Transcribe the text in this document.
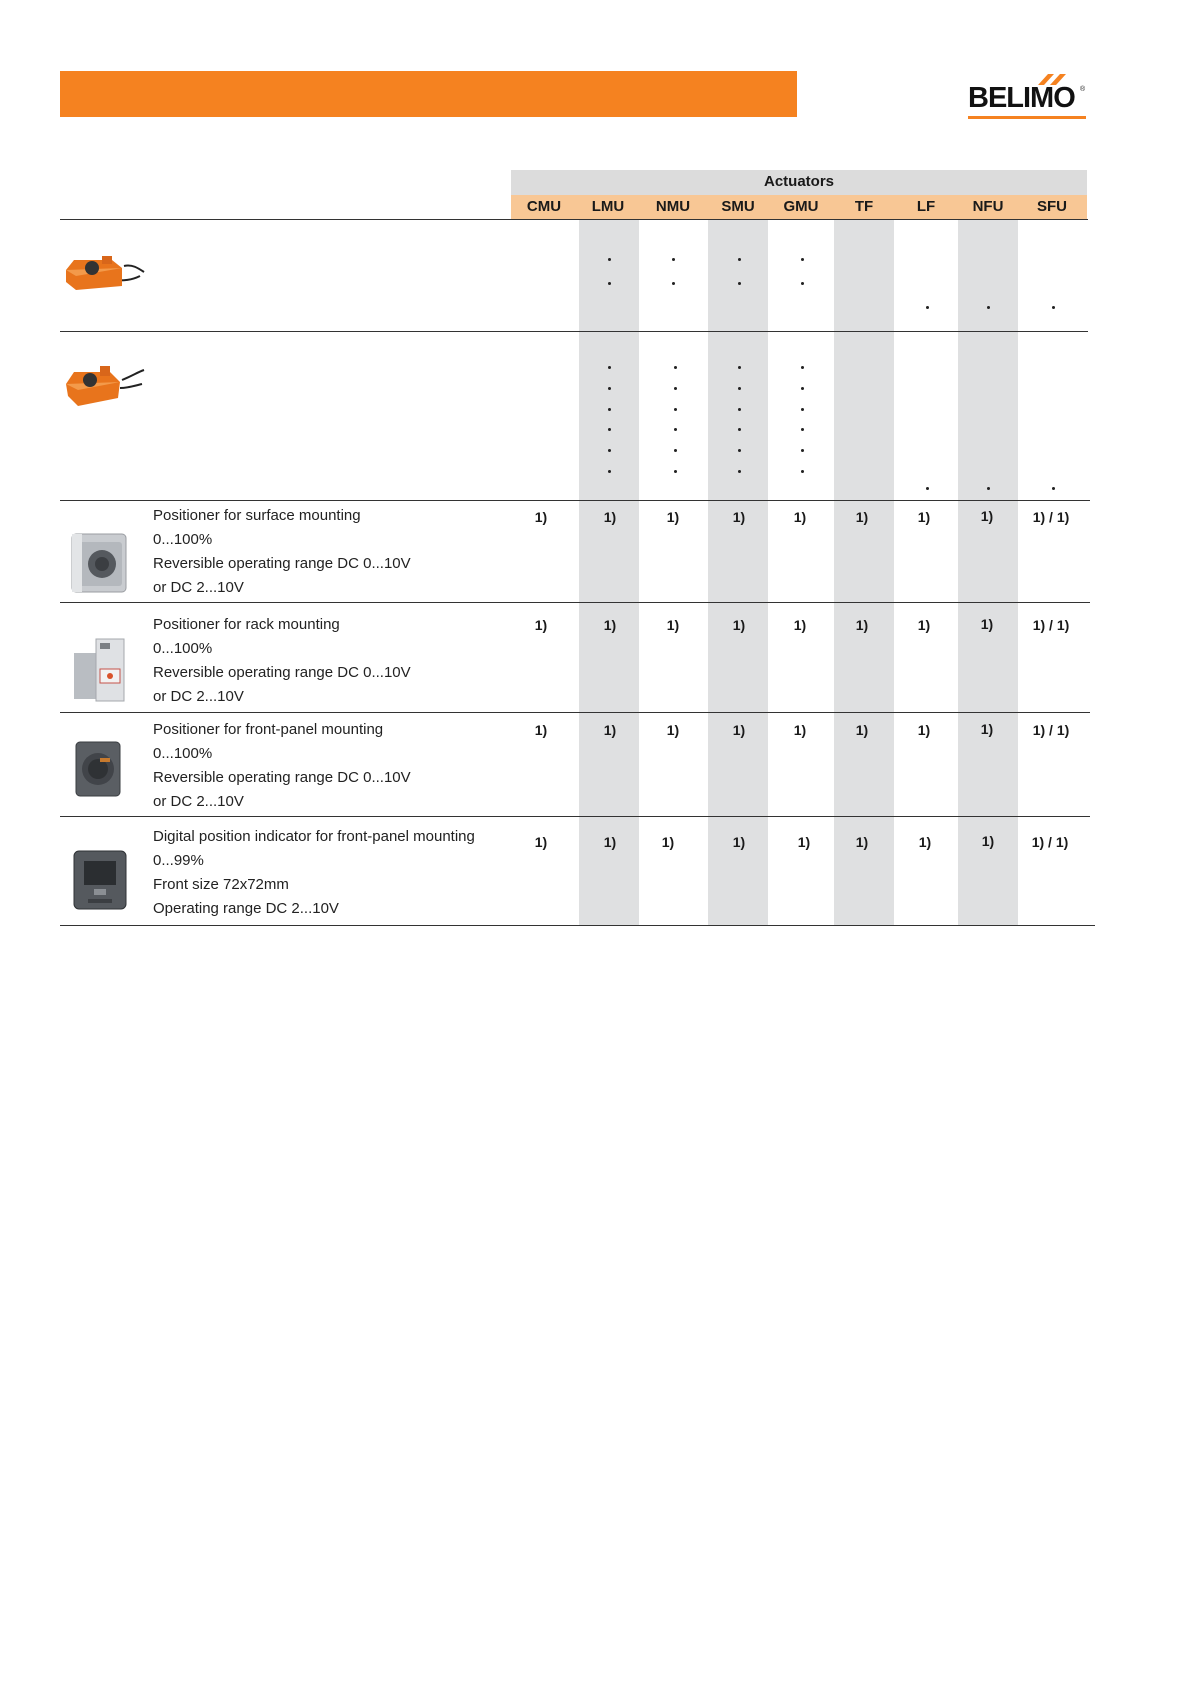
BELIMO ®
Actuators
CMU	LMU	NMU	SMU	GMU	TF	LF	NFU	SFU
Positioner for surface mounting
0...100%
Reversible operating range DC 0...10V
or DC 2...10V
1)	1)	1)	1)	1)	1)	1)	1)	1) / 1)
Positioner for rack mounting
0...100%
Reversible operating range DC 0...10V
or DC 2...10V
1)	1)	1)	1)	1)	1)	1)	1)	1) / 1)
Positioner for front-panel mounting
0...100%
Reversible operating range DC 0...10V
or DC 2...10V
1)	1)	1)	1)	1)	1)	1)	1)	1) / 1)
Digital position indicator for front-panel mounting
0...99%
Front size 72x72mm
Operating range DC 2...10V
1)	1)	1)	1)	1)	1)	1)	1)	1) / 1)
